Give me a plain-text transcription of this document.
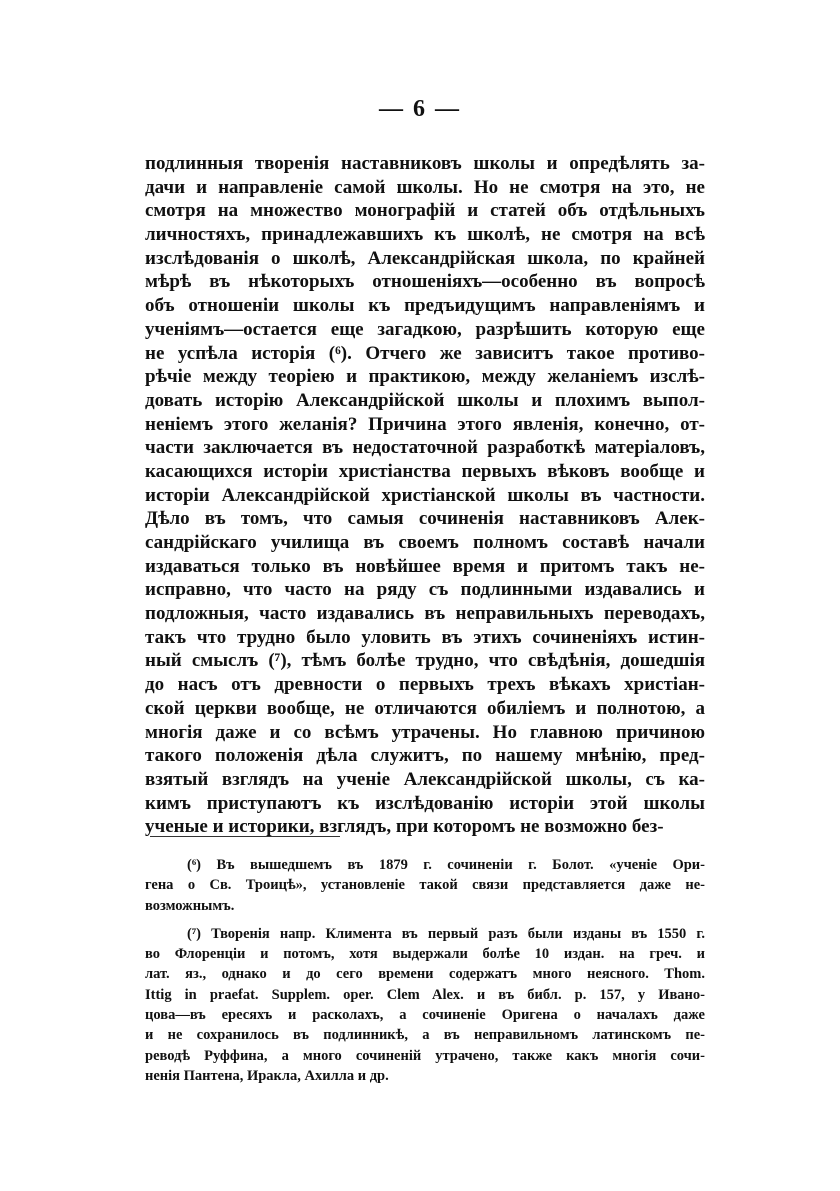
— 6 —
подлинныя творенія наставниковъ школы и опредѣлять за-
дачи и направленіе самой школы. Но не смотря на это, не
смотря на множество монографій и статей объ отдѣльныхъ
личностяхъ, принадлежавшихъ къ школѣ, не смотря на всѣ
изслѣдованія о школѣ, Александрійская школа, по крайней
мѣрѣ въ нѣкоторыхъ отношеніяхъ—особенно въ вопросѣ
объ отношеніи школы къ предъидущимъ направленіямъ и
ученіямъ—остается еще загадкою, разрѣшить которую еще
не успѣла исторія (⁶). Отчего же зависитъ такое противо-
рѣчіе между теоріею и практикою, между желаніемъ изслѣ-
довать исторію Александрійской школы и плохимъ выпол-
неніемъ этого желанія? Причина этого явленія, конечно, от-
части заключается въ недостаточной разработкѣ матеріаловъ,
касающихся исторіи христіанства первыхъ вѣковъ вообще и
исторіи Александрійской христіанской школы въ частности.
Дѣло въ томъ, что самыя сочиненія наставниковъ Алек-
сандрійскаго училища въ своемъ полномъ составѣ начали
издаваться только въ новѣйшее время и притомъ такъ не-
исправно, что часто на ряду съ подлинными издавались и
подложныя, часто издавались въ неправильныхъ переводахъ,
такъ что трудно было уловить въ этихъ сочиненіяхъ истин-
ный смыслъ (⁷), тѣмъ болѣе трудно, что свѣдѣнія, дошедшія
до насъ отъ древности о первыхъ трехъ вѣкахъ христіан-
ской церкви вообще, не отличаются обиліемъ и полнотою, а
многія даже и со всѣмъ утрачены. Но главною причиною
такого положенія дѣла служитъ, по нашему мнѣнію, пред-
взятый взглядъ на ученіе Александрійской школы, съ ка-
кимъ приступаютъ къ изслѣдованію исторіи этой школы
ученые и историки, взглядъ, при которомъ не возможно без-
(⁶) Въ вышедшемъ въ 1879 г. сочиненіи г. Болот. «ученіе Ори-
гена о Св. Троицѣ», установленіе такой связи представляется даже не-
возможнымъ.
(⁷) Творенія напр. Климента въ первый разъ были изданы въ 1550 г.
во Флоренціи и потомъ, хотя выдержали болѣе 10 издан. на греч. и
лат. яз., однако и до сего времени содержатъ много неясного. Thom.
Ittig in praefat. Supplem. oper. Clem Alex. и въ библ. р. 157, у Ивано-
цова—въ ересяхъ и расколахъ, а сочиненіе Оригена о началахъ даже
и не сохранилось въ подлинникѣ, а въ неправильномъ латинскомъ пе-
реводѣ Руффина, а много сочиненій утрачено, также какъ многія сочи-
ненія Пантена, Иракла, Ахилла и др.
